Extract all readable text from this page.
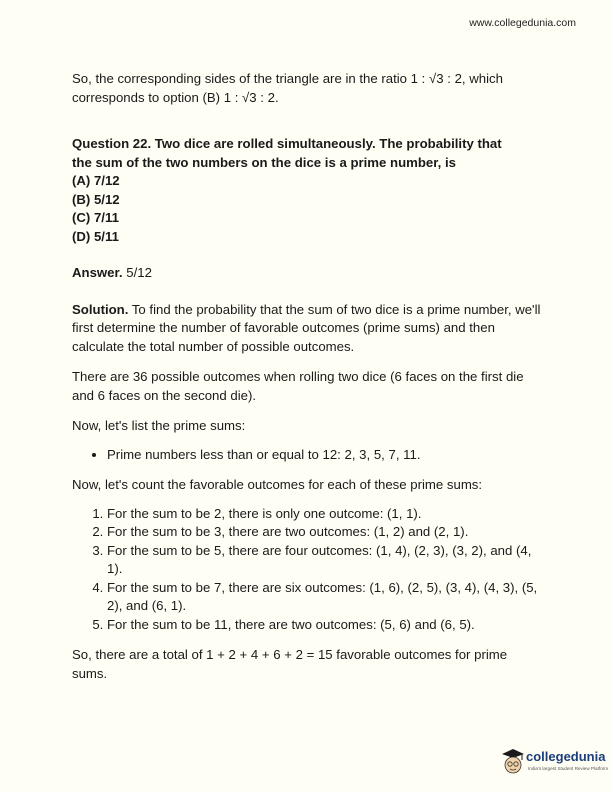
www.collegedunia.com

So, the corresponding sides of the triangle are in the ratio 1 : √3 : 2, which
corresponds to option (B) 1 : √3 : 2.

Question 22. Two dice are rolled simultaneously. The probability that
the sum of the two numbers on the dice is a prime number, is
(A) 7/12
(B) 5/12
(C) 7/11
(D) 5/11

Answer. 5/12

Solution. To find the probability that the sum of two dice is a prime number, we'll first determine the number of favorable outcomes (prime sums) and then calculate the total number of possible outcomes.

There are 36 possible outcomes when rolling two dice (6 faces on the first die and 6 faces on the second die).

Now, let's list the prime sums:

• Prime numbers less than or equal to 12: 2, 3, 5, 7, 11.

Now, let's count the favorable outcomes for each of these prime sums:

1. For the sum to be 2, there is only one outcome: (1, 1).
2. For the sum to be 3, there are two outcomes: (1, 2) and (2, 1).
3. For the sum to be 5, there are four outcomes: (1, 4), (2, 3), (3, 2), and (4, 1).
4. For the sum to be 7, there are six outcomes: (1, 6), (2, 5), (3, 4), (4, 3), (5, 2), and (6, 1).
5. For the sum to be 11, there are two outcomes: (5, 6) and (6, 5).

So, there are a total of 1 + 2 + 4 + 6 + 2 = 15 favorable outcomes for prime sums.

collegedunia
India's largest Student Review Platform
